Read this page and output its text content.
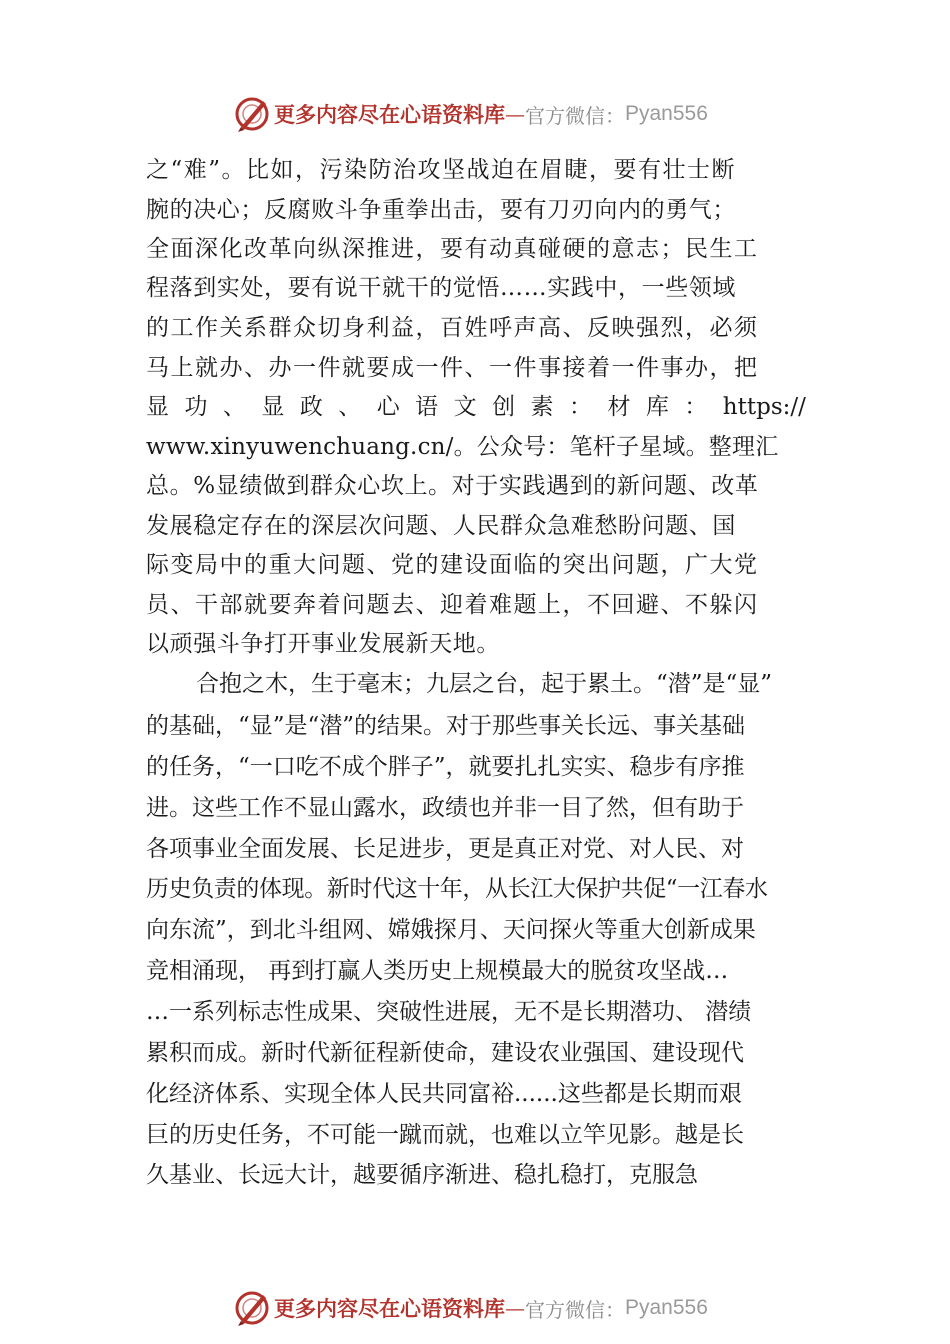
更多内容尽在心语资料库 — 官方微信： Pyan556

之“难”。比如，污染防治攻坚战迫在眉睫，要有壮士断

腕的决心；反腐败斗争重拳出击，要有刀刃向内的勇气；

全面深化改革向纵深推进，要有动真碰硬的意志；民生工

程落到实处，要有说干就干的觉悟……实践中，一些领域

的工作关系群众切身利益，百姓呼声高、反映强烈，必须

马上就办、办一件就要成一件、一件事接着一件事办，把

显 功 、 显 政 、 心 语 文 创 素 ： 材 库 ： https://

www.xinyuwenchuang.cn/。公众号：笔杆子星域。整理汇

总。%显绩做到群众心坎上。对于实践遇到的新问题、改革

发展稳定存在的深层次问题、人民群众急难愁盼问题、国

际变局中的重大问题、党的建设面临的突出问题，广大党

员、干部就要奔着问题去、迎着难题上，不回避、不躲闪

以顽强斗争打开事业发展新天地。

合抱之木，生于毫末；九层之台，起于累土。“潜”是“显”

的基础，“显”是“潜”的结果。对于那些事关长远、事关基础

的任务，“一口吃不成个胖子”，就要扎扎实实、稳步有序推

进。这些工作不显山露水，政绩也并非一目了然，但有助于

各项事业全面发展、长足进步，更是真正对党、对人民、对

历史负责的体现。新时代这十年，从长江大保护共促“一江春水

向东流”，到北斗组网、嫦娥探月、天问探火等重大创新成果

竞相涌现， 再到打赢人类历史上规模最大的脱贫攻坚战…

…一系列标志性成果、突破性进展，无不是长期潜功、 潜绩

累积而成。新时代新征程新使命，建设农业强国、建设现代

化经济体系、实现全体人民共同富裕......这些都是长期而艰

巨的历史任务，不可能一蹴而就，也难以立竿见影。越是长

久基业、长远大计，越要循序渐进、稳扎稳打，克服急

更多内容尽在心语资料库 — 官方微信： Pyan556
